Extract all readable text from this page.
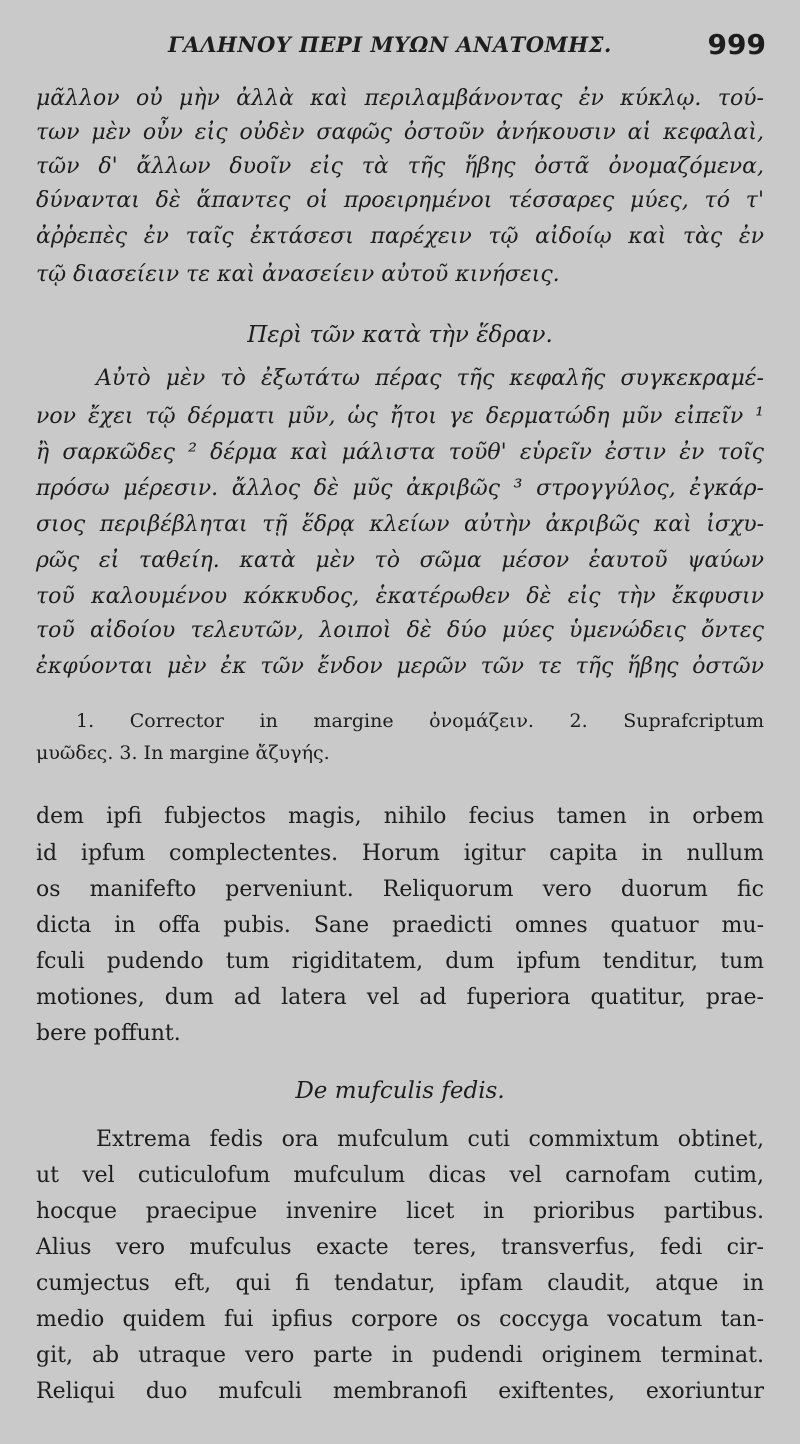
ΓΑΛΗΝΟΥ ΠΕΡΙ ΜΥΩΝ ΑΝΑΤΟΜΗΣ.	999
μᾶλλον οὐ μὴν ἀλλὰ καὶ περιλαμβάνοντας ἐν κύκλῳ. τού-
των μὲν οὖν εἰς οὐδὲν σαφῶς ὀστοῦν ἀνήκουσιν αἱ κεφαλαὶ,
τῶν δ' ἄλλων δυοῖν εἰς τὰ τῆς ἥβης ὀστᾶ ὀνομαζόμενα,
δύνανται δὲ ἅπαντες οἱ προειρημένοι τέσσαρες μύες, τό τ'
ἀῤῥεπὲς ἐν ταῖς ἐκτάσεσι παρέχειν τῷ αἰδοίῳ καὶ τὰς ἐν
τῷ διασείειν τε καὶ ἀνασείειν αὐτοῦ κινήσεις.
Περὶ τῶν κατὰ τὴν ἕδραν.
Αὐτὸ μὲν τὸ ἐξωτάτω πέρας τῆς κεφαλῆς συγκεκραμέ-
νον ἔχει τῷ δέρματι μῦν, ὡς ἤτοι γε δερματώδη μῦν εἰπεῖν ¹
ἢ σαρκῶδες ² δέρμα καὶ μάλιστα τοῦθ' εὑρεῖν ἐστιν ἐν τοῖς
πρόσω μέρεσιν. ἄλλος δὲ μῦς ἀκριβῶς ³ στρογγύλος, ἐγκάρ-
σιος περιβέβληται τῇ ἕδρᾳ κλείων αὐτὴν ἀκριβῶς καὶ ἰσχυ-
ρῶς εἰ ταθείη. κατὰ μὲν τὸ σῶμα μέσον ἑαυτοῦ ψαύων
τοῦ καλουμένου κόκκυδος, ἑκατέρωθεν δὲ εἰς τὴν ἔκφυσιν
τοῦ αἰδοίου τελευτῶν, λοιποὶ δὲ δύο μύες ὑμενώδεις ὄντες
ἐκφύονται μὲν ἐκ τῶν ἔνδον μερῶν τῶν τε τῆς ἥβης ὀστῶν
1. Corrector in margine ὀνομάζειν. 2. Suprafcriptum
μυῶδες. 3. In margine ἄζυγής.
dem ipfi fubjectos magis, nihilo fecius tamen in orbem
id ipfum complectentes. Horum igitur capita in nullum
os manifefto perveniunt. Reliquorum vero duorum fic
dicta in offa pubis. Sane praedicti omnes quatuor mu-
fculi pudendo tum rigiditatem, dum ipfum tenditur, tum
motiones, dum ad latera vel ad fuperiora quatitur, prae-
bere poffunt.
De mufculis fedis.
Extrema fedis ora mufculum cuti commixtum obtinet,
ut vel cuticulofum mufculum dicas vel carnofam cutim,
hocque praecipue invenire licet in prioribus partibus.
Alius vero mufculus exacte teres, transverfus, fedi cir-
cumjectus eft, qui fi tendatur, ipfam claudit, atque in
medio quidem fui ipfius corpore os coccyga vocatum tan-
git, ab utraque vero parte in pudendi originem terminat.
Reliqui duo mufculi membranofi exiftentes, exoriuntur
